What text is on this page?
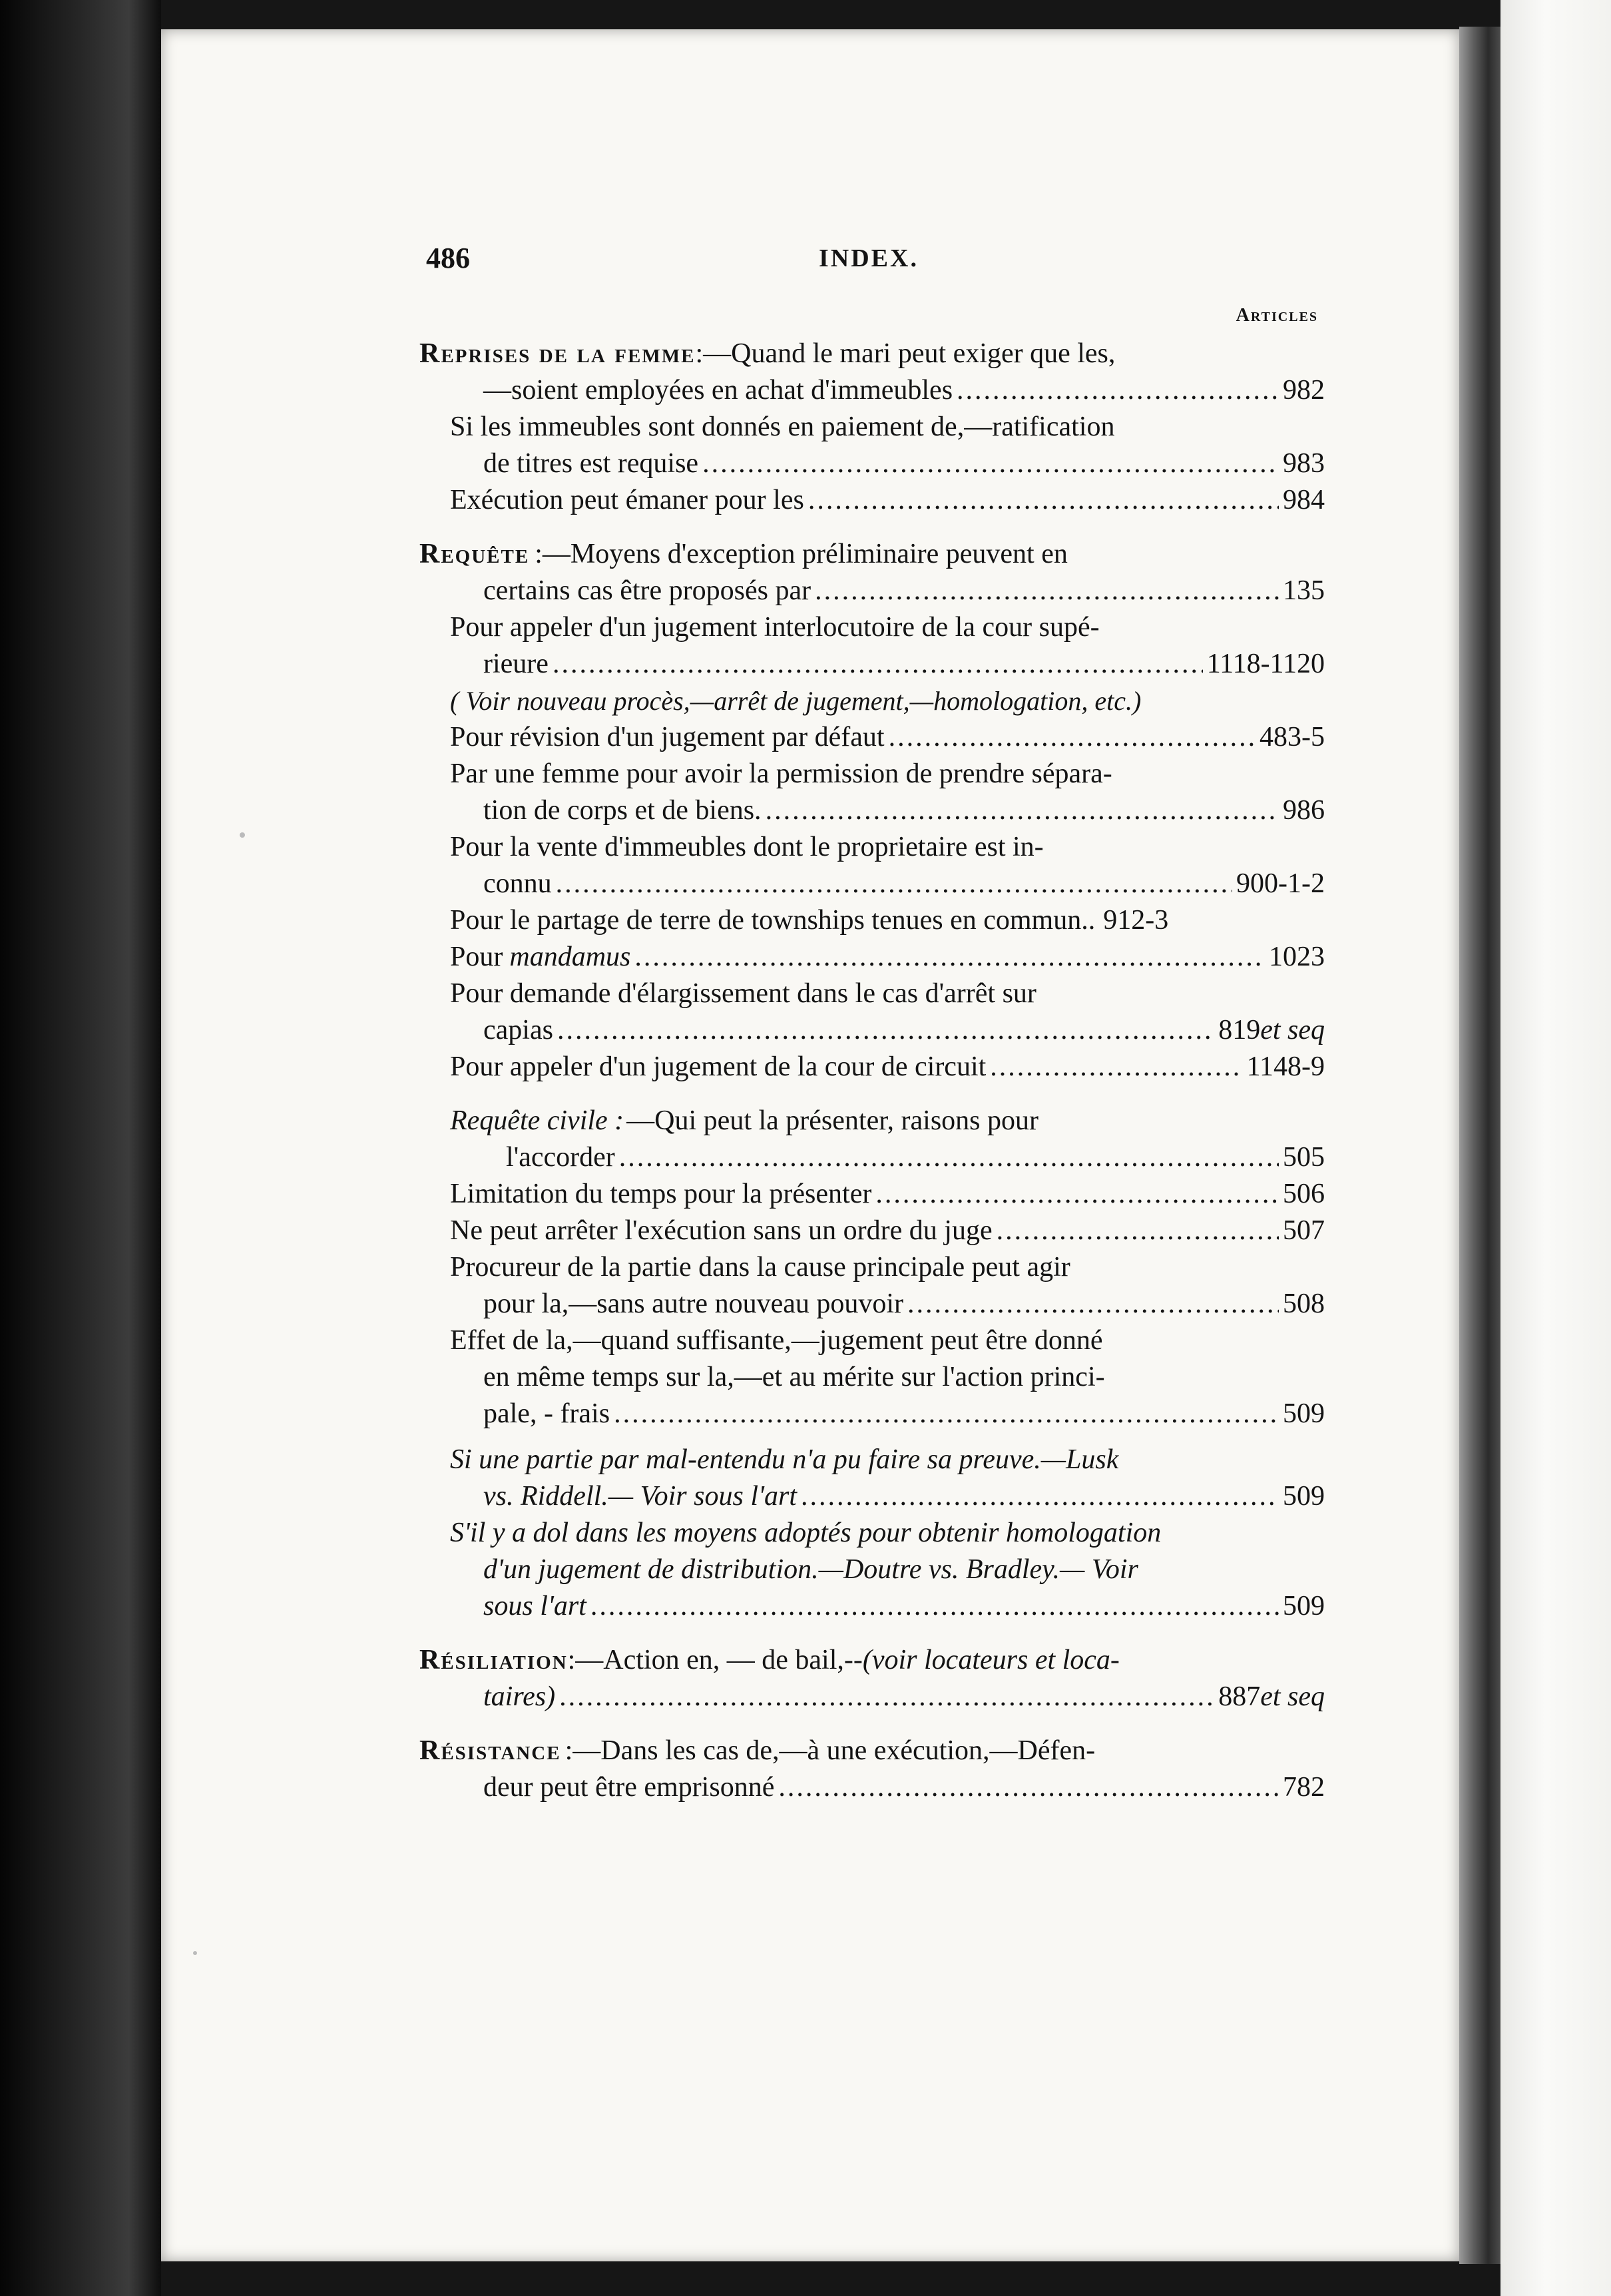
486	INDEX.
Articles
Reprises de la femme :—Quand le mari peut exiger que les,
—soient employées en achat d'immeubles .....	982
Si les immeubles sont donnés en paiement de,—ratification
de titres est requise .....	983
Exécution peut émaner pour les .....	984
Requête :—Moyens d'exception préliminaire peuvent en
certains cas être proposés par .....	135
Pour appeler d'un jugement interlocutoire de la cour supé-
rieure .....	1118-1120
( Voir nouveau procès,—arrêt de jugement,—homologation, etc.)
Pour révision d'un jugement par défaut .....	483-5
Par une femme pour avoir la permission de prendre sépara-
tion de corps et de biens. .....	986
Pour la vente d'immeubles dont le proprietaire est in-
connu .....	900-1-2
Pour le partage de terre de townships tenues en commun.. 912-3
Pour mandamus .....	1023
Pour demande d'élargissement dans le cas d'arrêt sur
capias .....	819 et seq
Pour appeler d'un jugement de la cour de circuit .....	1148-9
Requête civile : —Qui peut la présenter, raisons pour
l'accorder .....	505
Limitation du temps pour la présenter .....	506
Ne peut arrêter l'exécution sans un ordre du juge .....	507
Procureur de la partie dans la cause principale peut agir
pour la,—sans autre nouveau pouvoir .....	508
Effet de la,—quand suffisante,—jugement peut être donné
en même temps sur la,—et au mérite sur l'action princi-
pale, - frais .....	509
Si une partie par mal-entendu n'a pu faire sa preuve.—Lusk
vs. Riddell.— Voir sous l'art .....	509
S'il y a dol dans les moyens adoptés pour obtenir homologation
d'un jugement de distribution.—Doutre vs. Bradley.— Voir
sous l'art .....	509
Résiliation :—Action en, — de bail, --(voir locateurs et loca-
taires) .....	887 et seq
Résistance :—Dans les cas de,—à une exécution,—Défen-
deur peut être emprisonné .....	782
